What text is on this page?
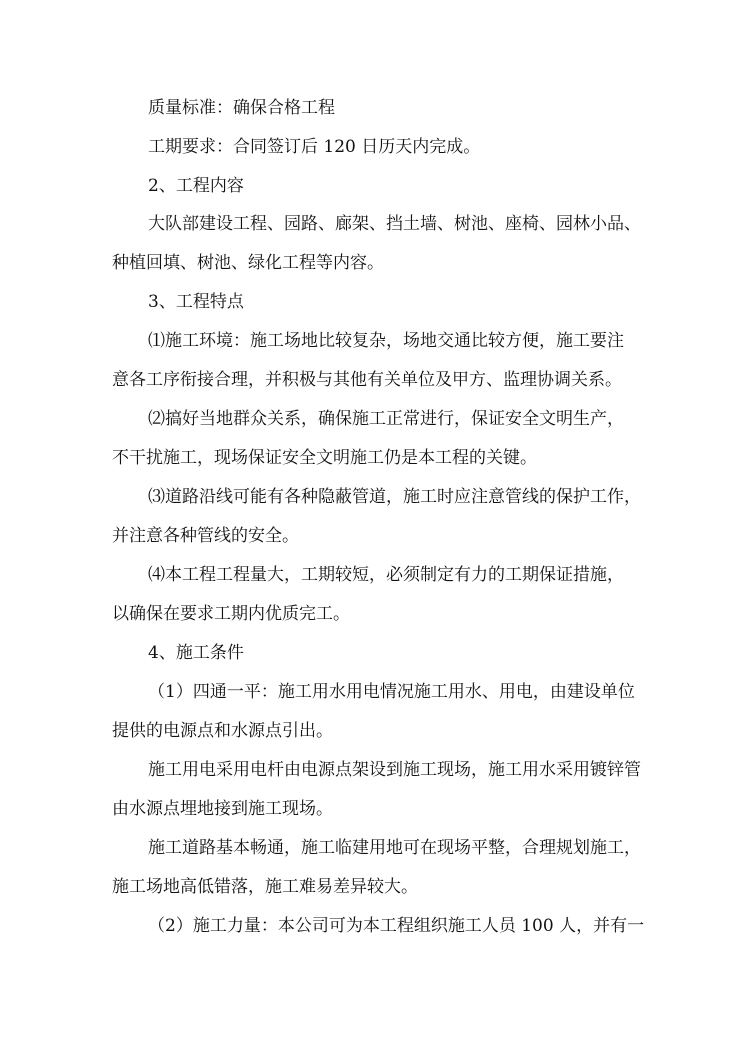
质量标准：确保合格工程
工期要求：合同签订后 120 日历天内完成。
2、工程内容
大队部建设工程、园路、廊架、挡土墙、树池、座椅、园林小品、
种植回填、树池、绿化工程等内容。
3、工程特点
⑴施工环境：施工场地比较复杂，场地交通比较方便，施工要注
意各工序衔接合理，并积极与其他有关单位及甲方、监理协调关系。
⑵搞好当地群众关系，确保施工正常进行，保证安全文明生产，
不干扰施工，现场保证安全文明施工仍是本工程的关键。
⑶道路沿线可能有各种隐蔽管道，施工时应注意管线的保护工作，
并注意各种管线的安全。
⑷本工程工程量大，工期较短，必须制定有力的工期保证措施，
以确保在要求工期内优质完工。
4、施工条件
（1）四通一平：施工用水用电情况施工用水、用电，由建设单位
提供的电源点和水源点引出。
施工用电采用电杆由电源点架设到施工现场，施工用水采用镀锌管
由水源点埋地接到施工现场。
施工道路基本畅通，施工临建用地可在现场平整，合理规划施工，
施工场地高低错落，施工难易差异较大。
（2）施工力量：本公司可为本工程组织施工人员 100 人，并有一
